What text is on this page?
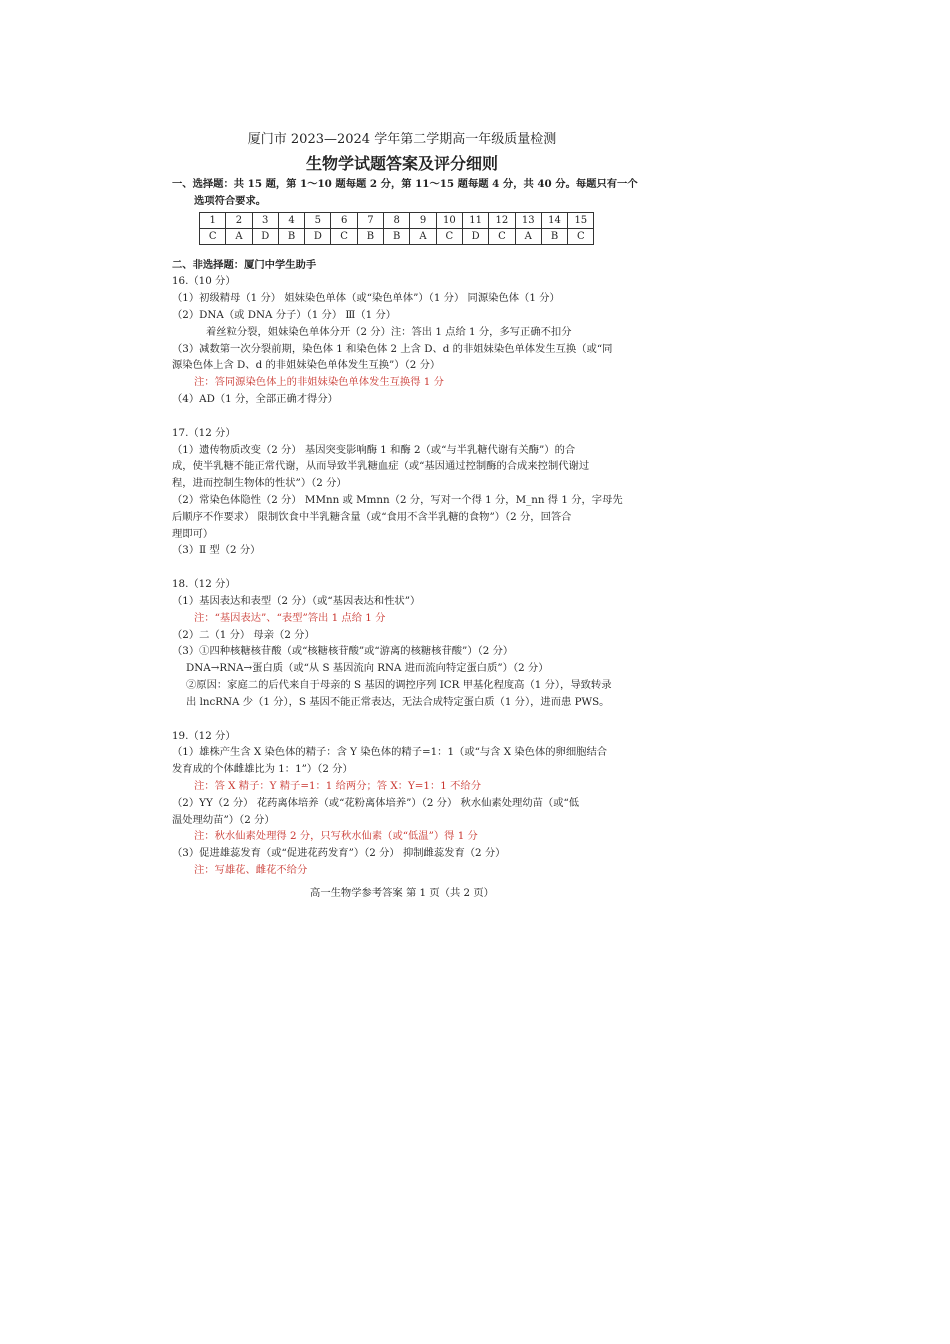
厦门市 2023—2024 学年第二学期高一年级质量检测
生物学试题答案及评分细则
一、选择题：共 15 题，第 1～10 题每题 2 分，第 11～15 题每题 4 分，共 40 分。每题只有一个
选项符合要求。
1	2	3	4	5	6	7	8	9	10	11	12	13	14	15
C	A	D	B	D	C	B	B	A	C	D	C	A	B	C
二、非选择题：厦门中学生助手
16.（10 分）
（1）初级精母（1 分） 姐妹染色单体（或“染色单体”）（1 分） 同源染色体（1 分）
（2）DNA（或 DNA 分子）（1 分） Ⅲ（1 分）
着丝粒分裂，姐妹染色单体分开（2 分）注：答出 1 点给 1 分，多写正确不扣分
（3）减数第一次分裂前期，染色体 1 和染色体 2 上含 D、d 的非姐妹染色单体发生互换（或“同
源染色体上含 D、d 的非姐妹染色单体发生互换”）（2 分）
注：答同源染色体上的非姐妹染色单体发生互换得 1 分
（4）AD（1 分，全部正确才得分）
17.（12 分）
（1）遗传物质改变（2 分） 基因突变影响酶 1 和酶 2（或“与半乳糖代谢有关酶”）的合
成，使半乳糖不能正常代谢，从而导致半乳糖血症（或“基因通过控制酶的合成来控制代谢过
程，进而控制生物体的性状”）（2 分）
（2）常染色体隐性（2 分） MMnn 或 Mmnn（2 分，写对一个得 1 分，M_nn 得 1 分，字母先
后顺序不作要求） 限制饮食中半乳糖含量（或“食用不含半乳糖的食物”）（2 分，回答合
理即可）
（3）Ⅱ 型（2 分）
18.（12 分）
（1）基因表达和表型（2 分）（或“基因表达和性状”）
注：“基因表达”、“表型”答出 1 点给 1 分
（2）二（1 分） 母亲（2 分）
（3）①四种核糖核苷酸（或“核糖核苷酸”或“游离的核糖核苷酸”）（2 分）
DNA→RNA→蛋白质（或“从 S 基因流向 RNA 进而流向特定蛋白质”）（2 分）
②原因：家庭二的后代来自于母亲的 S 基因的调控序列 ICR 甲基化程度高（1 分），导致转录
出 lncRNA 少（1 分），S 基因不能正常表达，无法合成特定蛋白质（1 分），进而患 PWS。
19.（12 分）
（1）雄株产生含 X 染色体的精子：含 Y 染色体的精子=1：1（或“与含 X 染色体的卵细胞结合
发育成的个体雌雄比为 1：1”）（2 分）
注：答 X 精子：Y 精子=1：1 给两分；答 X：Y=1：1 不给分
（2）YY（2 分） 花药离体培养（或“花粉离体培养”）（2 分） 秋水仙素处理幼苗（或“低
温处理幼苗”）（2 分）
注：秋水仙素处理得 2 分，只写秋水仙素（或“低温”）得 1 分
（3）促进雄蕊发育（或“促进花药发育”）（2 分） 抑制雌蕊发育（2 分）
注：写雄花、雌花不给分
高一生物学参考答案 第 1 页（共 2 页）
